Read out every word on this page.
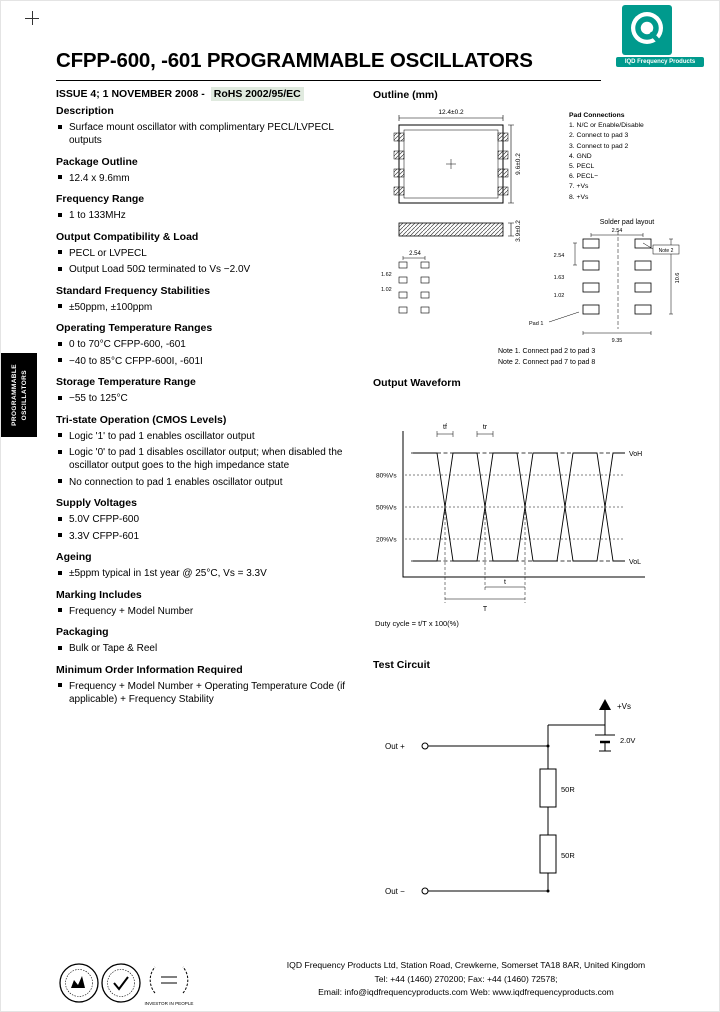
IQD Frequency Products
CFPP-600, -601 PROGRAMMABLE OSCILLATORS
ISSUE 4; 1 NOVEMBER 2008 - RoHS 2002/95/EC
PROGRAMMABLE OSCILLATORS
Description
Surface mount oscillator with complimentary PECL/LVPECL outputs
Package Outline
12.4 x 9.6mm
Frequency Range
1 to 133MHz
Output Compatibility & Load
PECL or LVPECL
Output Load 50Ω terminated to Vs −2.0V
Standard Frequency Stabilities
±50ppm, ±100ppm
Operating Temperature Ranges
0 to 70°C CFPP-600, -601
−40 to 85°C CFPP-600I, -601I
Storage Temperature Range
−55 to 125°C
Tri-state Operation (CMOS Levels)
Logic '1' to pad 1 enables oscillator output
Logic '0' to pad 1 disables oscillator output; when disabled the oscillator output goes to the high impedance state
No connection to pad 1 enables oscillator output
Supply Voltages
5.0V CFPP-600
3.3V CFPP-601
Ageing
±5ppm typical in 1st year @ 25°C, Vs = 3.3V
Marking Includes
Frequency + Model Number
Packaging
Bulk or Tape & Reel
Minimum Order Information Required
Frequency + Model Number + Operating Temperature Code (if applicable) + Frequency Stability
Outline (mm)
12.4±0.2
9.6±0.2
3.9±0.2
2.54
1.62
1.02
Pad Connections
1. N/C or Enable/Disable
2. Connect to pad 3
3. Connect to pad 2
4. GND
5. PECL
6. PECL−
7. +Vs
8. +Vs
Solder pad layout
2.54
2.54
1.63
1.02
10.6
9.35
Pad 1
Note 2
Note 1. Connect pad 2 to pad 3
Note 2. Connect pad 7 to pad 8
Output Waveform
VoH
VoL
80%Vs
50%Vs
20%Vs
tf	tr
t
T
Duty cycle = t/T x 100(%)
Test Circuit
+Vs
2.0V
Out +
50R
50R
Out −
INVESTOR IN PEOPLE
IQD Frequency Products Ltd, Station Road, Crewkerne, Somerset TA18 8AR, United Kingdom
Tel: +44 (1460) 270200; Fax: +44 (1460) 72578;
Email: info@iqdfrequencyproducts.com Web: www.iqdfrequencyproducts.com
